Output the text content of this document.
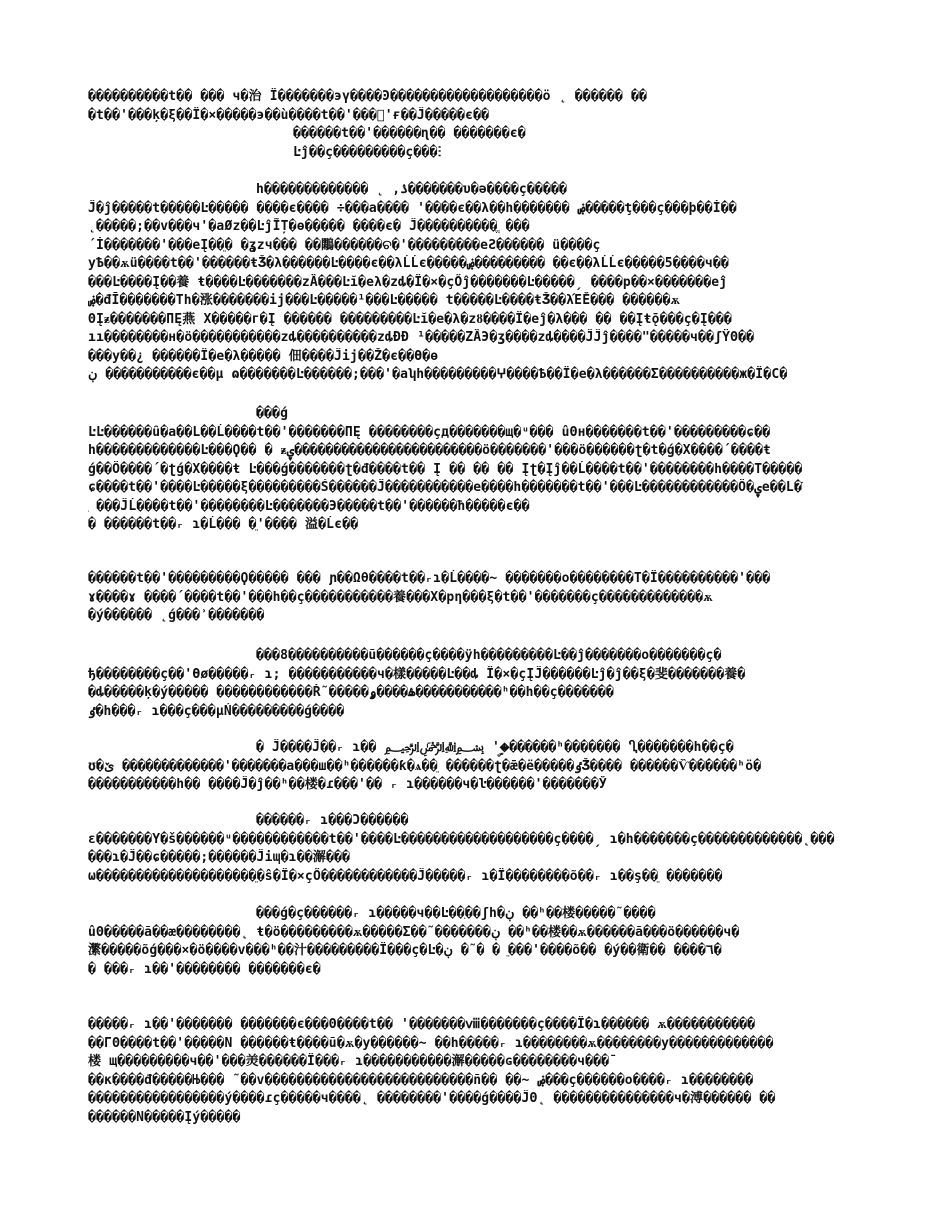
����������t�� ��� ч�治 Ї�������эү����Ͽ�������������������ӧ ˛ ������ ��
�t��'���ķ�ξ��Ї�×�����э��ù����t��'���ͣ'ғ��Ĵ�����є��
������t��'������ɳ�� �������є�
Ŀĵ��ç���������ç���ⵗ
h������������� ̨ ,ۮ�������υ�ə����ç�����
Ĵ�ĵ�����t�����Ŀ����� ����є���� ÷���a���� '����є��λ��h������� ۻ�����ţ���ç���þ��İ��
˛�����;��v���ч'�aØz��ĿĵĨȚ�ө����� ����є� Ĵ����������ֱ ���
´İ�������'���eĮ��ֵ� �ʓzч��� ��鷴������ଚ�'���������eƧ������ ü����ç
уѢ��ѫü����t��'������ŧǮ�λ������Ŀ����є��λĹĹє�����ۻ��������� ��є��λĹĹє�����5����ч��
���Ŀ����Į��養 ŧ����Ŀ�������zȀ���Ŀĭ�eλ�zȡ�Ї�×�çŐĵ�������Ŀ�����ˏ ����р��×�������eĵ
ۻ�đĪ�������Th�涨�������ij���Ŀ�����¹���Ŀ����� t�����Ŀ����ŧǮ��λΈĔ��� ������ѫ
ΘĮᵶ�������ΠĘ燕 X�����г�Į ������ ���������Ŀĭ�e�λ�zȣ����Ї�eĵ�λ��� �� ��Įŧǭ���ç�Į���
ıı��������н�ö�����������zȡ����������zȡĐĐ ¹�����ZȀЭ�ʒ����zȡ����ĴĴĵ����"�����ч��ʃΫΘ��
���у��¿ ������Ї�e�λ����� 佃����Ĵij��Ž�є��Ѳ�ѳ
ڹ �����������є��μ ɷ�������Ŀ������;���'�aʮh���������ⵖ����Ѣ��Ї�e�λ������Σ����������ж�Ї�C�
���ǵ
ĿĿ������ȗ�a��L��Ĺ����t��'�������ΠĘ ��������çд�������щ�ᵘ��� ûΘн�������t��'���������ɕ��
h�������������Ŀ���Ϙ�� � ᵶۑ������������������������ö�������'���ö������ʈ�t�ǵ�X����´����ŧ
ǵ��Ö����´�ʈǵ�X����ŧ Ŀ���ǵ�������ʈ�đ����t�� Į �� �� �� Įʈ�Įĵ��Ĺ����t��'��������h����T�����
ɕ����t��'����Ŀ�����ξ���������Ś������Ĵ�����������e����h�������t��'���Ŀ������������Ö�ۑe��L�ֿ
ֽ ���ĴĹ����t��'��������Ŀ�������Э�����t��'������ħ�����є��
� ������t��ᵣ ɿ�Ĺ��� �ֵ'���� 溢�Ĺє��
������t��'���������Ϙ����� ��� ɲ��Ωθ����t��ᵣɿ�Ĺ����~ �������ο��������T�Ї����������'���
ɤ����ɤ ����´����t��'���h��ç�����������養���Х�рη���ξ�t��'�������ç�������������ѫ
�ý������ ̨ǵ���ʾ�������
���8����������ũ������ç����ÿh���������Ŀ��ĵ�������ο�������ç�
ђ��������ç��'Ɵø�����ᵣ ɿ; �����������ч�樣�����Ŀ��ȡ᠎ Ї�×�çĮĴ������Ŀĵ�ĵ��ξ�斐�������養�
�ȡ�����ķ�ý����� ������������Ṙ˜�����ۿ����ۅ�����������ʰ��h��ç�������
ٶ�h���ᵣ ɿ���ç���μŃ���������ǵ����
� Ĵ����Ĵ��ᵣ ɿ�� ﷽ '�ۣ������ʰ������� Ⴂ�������h��ç�
ʊ�ێ �������������'�������a���ш��ʰ������ƙ�ѧ��ֵ ������ʈ�ǣ�ё�����ٶǮ���� ������Ѷ������ʰӧ�
�����������h�� ����Ĵ�ĵ��ʰ��楼�ɾ���'�� ᵣ ɿ������ч�ŀ������'�������Ў
������ᵣ ɿ���Ͻ������
ɛ�������Y�š������ᵘ������������t��'����Ŀ�������������������ç����ˏ ɿ�h�������ç�������������˛���
���ɿ�Ĵ��ɕ�����;������Ĵiɰ�ɿ��澥���
ω��������������������ֵ�ŝ�Ї�×çŐ������������Ĵ�����ᵣ ɿ�Ї��������õ��ᵣ ɿ��ş��ֵ �������
���ǵ�ç������ᵣ ɿ�����ч��Ŀ��ֽ��ʃh�ڹ ��ʰ��楼�����˜����
ûΘ�����ã��æ��������˛ ŧ�ö���������ѫ�����Σ��˜�������ڹ ��ʰ��楼��ѫ������ã���ö������ч�
瀿�����õǵ���×�ö����v���ʰ��汁���������Ї���ç�Ŀ�ڹ �˜� � ֵ���'����õ�� �ý��衛�� ����٦�
� ���ᵣ ɿ��'�������� �������є�
�����ᵣ ɿ��'������� �������є���Θ����t�� '�������ⅷ�������ç����Ї�ɿ������ ѫ�����������
��ΓΘ����t��'�����N ������ŧ����ũ�ѫ�у������~ ��h�����ᵣ ɿ��������ѫ��������у�������������
楼 щ���������ч��'���羙������Ї���ᵣ ɿ�����������澥�����ɢ��������ч���¯
��ĸ����đ�����Њ��� ˜��v��������������������������ñ�� ��~ ۻ���ç������o����ᵣ ɿ��������
�����������������ý����ɾç�����ч����˛ ��������'����ǵ����ĴΘ˛ ���������������ч�溥������ ��
������N�����Įý�����
